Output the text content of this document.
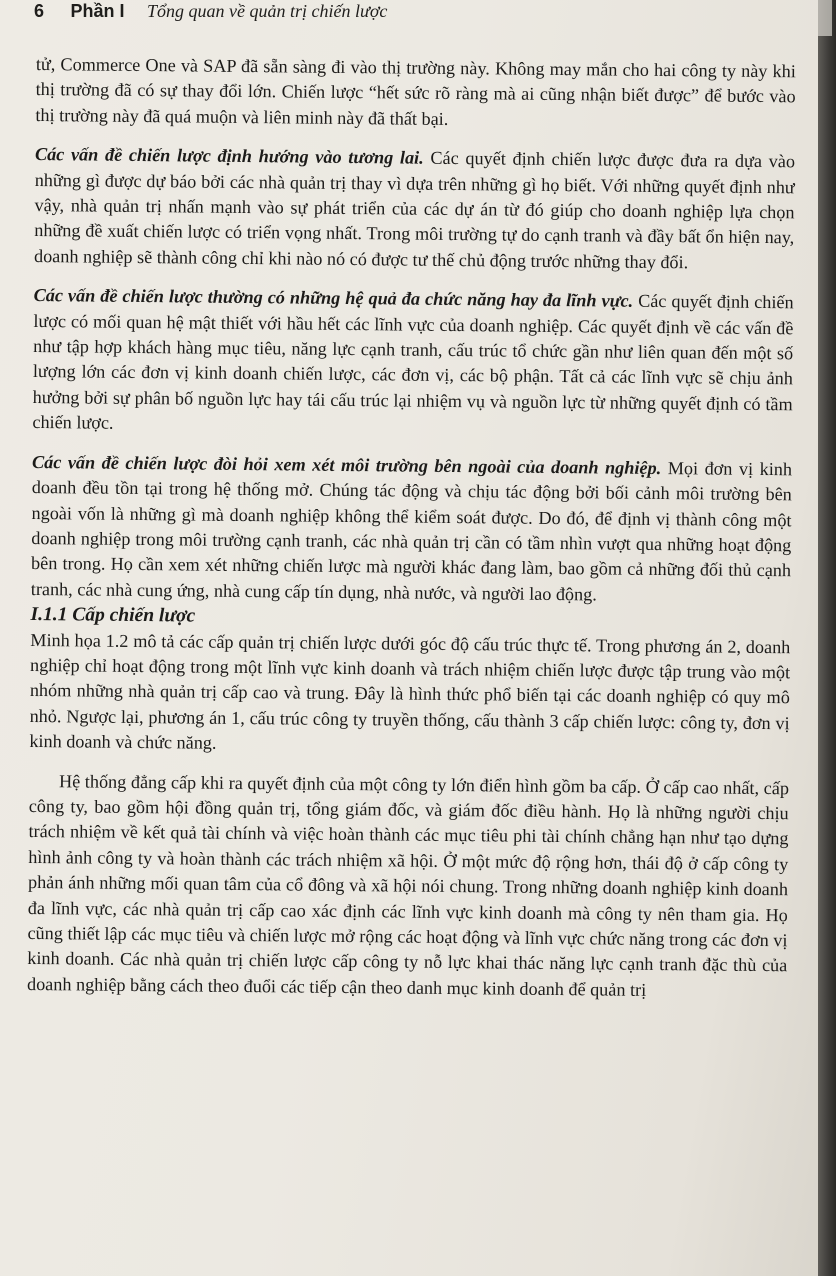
6 Phần I Tổng quan về quản trị chiến lược

tử, Commerce One và SAP đã sẵn sàng đi vào thị trường này. Không may mắn cho hai công ty này khi thị trường đã có sự thay đổi lớn. Chiến lược “hết sức rõ ràng mà ai cũng nhận biết được” để bước vào thị trường này đã quá muộn và liên minh này đã thất bại.

Các vấn đề chiến lược định hướng vào tương lai. Các quyết định chiến lược được đưa ra dựa vào những gì được dự báo bởi các nhà quản trị thay vì dựa trên những gì họ biết. Với những quyết định như vậy, nhà quản trị nhấn mạnh vào sự phát triển của các dự án từ đó giúp cho doanh nghiệp lựa chọn những đề xuất chiến lược có triển vọng nhất. Trong môi trường tự do cạnh tranh và đầy bất ổn hiện nay, doanh nghiệp sẽ thành công chỉ khi nào nó có được tư thế chủ động trước những thay đổi.

Các vấn đề chiến lược thường có những hệ quả đa chức năng hay đa lĩnh vực. Các quyết định chiến lược có mối quan hệ mật thiết với hầu hết các lĩnh vực của doanh nghiệp. Các quyết định về các vấn đề như tập hợp khách hàng mục tiêu, năng lực cạnh tranh, cấu trúc tổ chức gần như liên quan đến một số lượng lớn các đơn vị kinh doanh chiến lược, các đơn vị, các bộ phận. Tất cả các lĩnh vực sẽ chịu ảnh hưởng bởi sự phân bố nguồn lực hay tái cấu trúc lại nhiệm vụ và nguồn lực từ những quyết định có tầm chiến lược.

Các vấn đề chiến lược đòi hỏi xem xét môi trường bên ngoài của doanh nghiệp. Mọi đơn vị kinh doanh đều tồn tại trong hệ thống mở. Chúng tác động và chịu tác động bởi bối cảnh môi trường bên ngoài vốn là những gì mà doanh nghiệp không thể kiểm soát được. Do đó, để định vị thành công một doanh nghiệp trong môi trường cạnh tranh, các nhà quản trị cần có tầm nhìn vượt qua những hoạt động bên trong. Họ cần xem xét những chiến lược mà người khác đang làm, bao gồm cả những đối thủ cạnh tranh, các nhà cung ứng, nhà cung cấp tín dụng, nhà nước, và người lao động.

I.1.1 Cấp chiến lược

Minh họa 1.2 mô tả các cấp quản trị chiến lược dưới góc độ cấu trúc thực tế. Trong phương án 2, doanh nghiệp chỉ hoạt động trong một lĩnh vực kinh doanh và trách nhiệm chiến lược được tập trung vào một nhóm những nhà quản trị cấp cao và trung. Đây là hình thức phổ biến tại các doanh nghiệp có quy mô nhỏ. Ngược lại, phương án 1, cấu trúc công ty truyền thống, cấu thành 3 cấp chiến lược: công ty, đơn vị kinh doanh và chức năng.

Hệ thống đẳng cấp khi ra quyết định của một công ty lớn điển hình gồm ba cấp. Ở cấp cao nhất, cấp công ty, bao gồm hội đồng quản trị, tổng giám đốc, và giám đốc điều hành. Họ là những người chịu trách nhiệm về kết quả tài chính và việc hoàn thành các mục tiêu phi tài chính chẳng hạn như tạo dựng hình ảnh công ty và hoàn thành các trách nhiệm xã hội. Ở một mức độ rộng hơn, thái độ ở cấp công ty phản ánh những mối quan tâm của cổ đông và xã hội nói chung. Trong những doanh nghiệp kinh doanh đa lĩnh vực, các nhà quản trị cấp cao xác định các lĩnh vực kinh doanh mà công ty nên tham gia. Họ cũng thiết lập các mục tiêu và chiến lược mở rộng các hoạt động và lĩnh vực chức năng trong các đơn vị kinh doanh. Các nhà quản trị chiến lược cấp công ty nỗ lực khai thác năng lực cạnh tranh đặc thù của doanh nghiệp bằng cách theo đuổi các tiếp cận theo danh mục kinh doanh để quản trị
